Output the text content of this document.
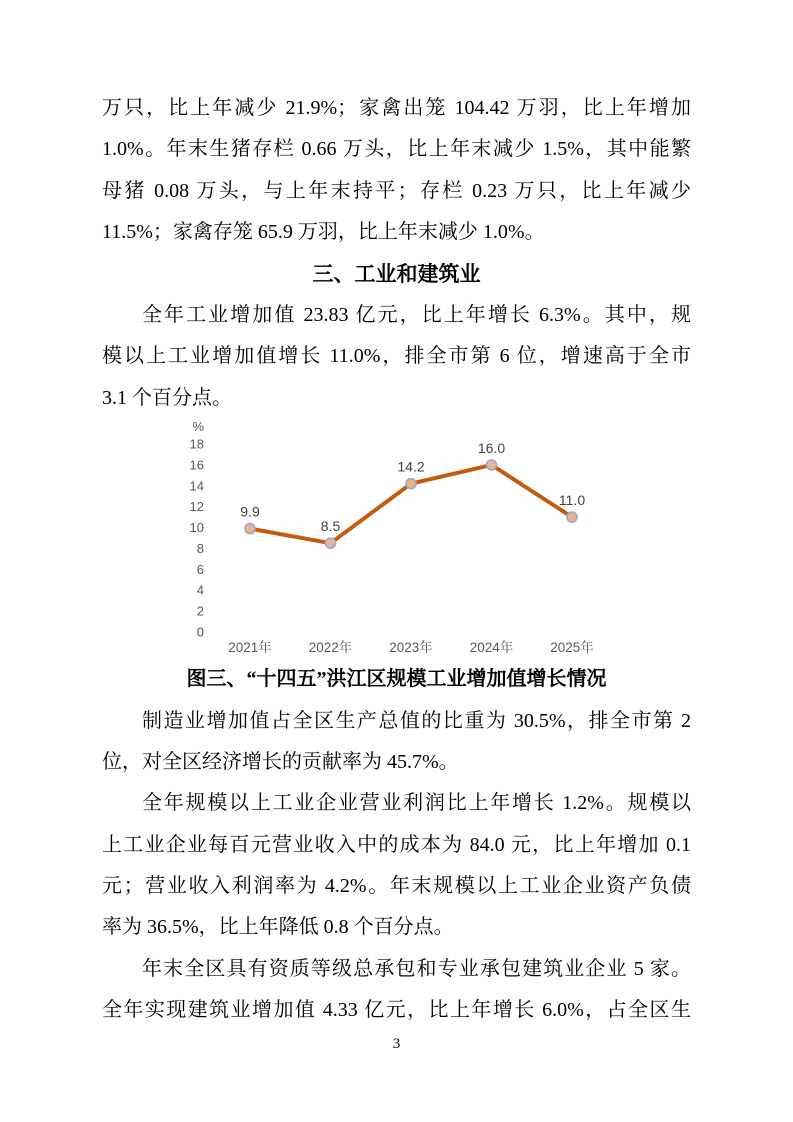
万只，比上年减少 21.9%；家禽出笼 104.42 万羽，比上年增加
1.0%。年末生猪存栏 0.66 万头，比上年末减少 1.5%，其中能繁
母猪 0.08 万头，与上年末持平；存栏 0.23 万只，比上年减少
11.5%；家禽存笼 65.9 万羽，比上年末减少 1.0%。
三、工业和建筑业
全年工业增加值 23.83 亿元，比上年增长 6.3%。其中，规
模以上工业增加值增长 11.0%，排全市第 6 位，增速高于全市
3.1 个百分点。
%
0
2
4
6
8
10
12
14
16
18
9.9
8.5
14.2
16.0
11.0
2021年	2022年	2023年	2024年	2025年
图三、“十四五”洪江区规模工业增加值增长情况
制造业增加值占全区生产总值的比重为 30.5%，排全市第 2
位，对全区经济增长的贡献率为 45.7%。
全年规模以上工业企业营业利润比上年增长 1.2%。规模以
上工业企业每百元营业收入中的成本为 84.0 元，比上年增加 0.1
元；营业收入利润率为 4.2%。年末规模以上工业企业资产负债
率为 36.5%，比上年降低 0.8 个百分点。
年末全区具有资质等级总承包和专业承包建筑业企业 5 家。
全年实现建筑业增加值 4.33 亿元，比上年增长 6.0%，占全区生
3
